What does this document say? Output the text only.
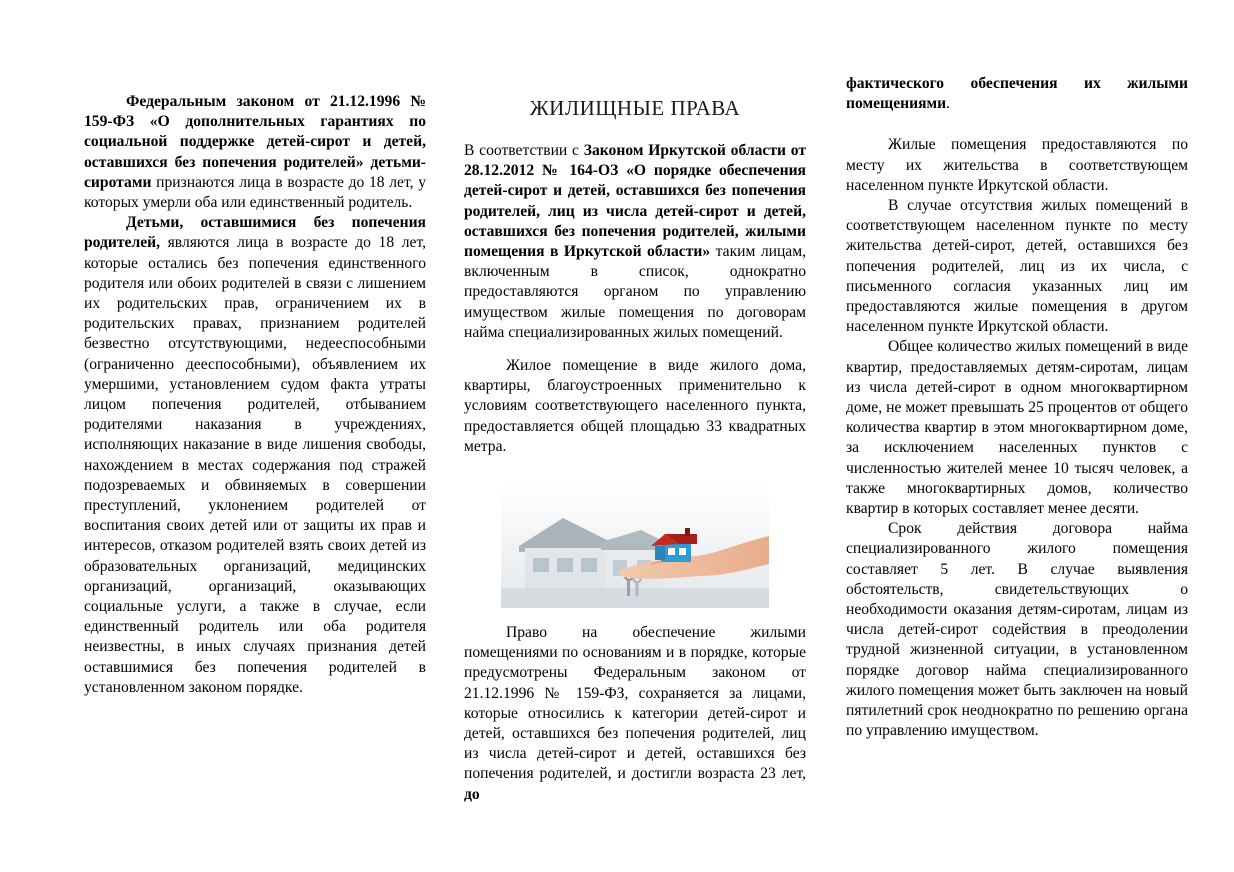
Федеральным законом от 21.12.1996 № 159-ФЗ «О дополнительных гарантиях по социальной поддержке детей-сирот и детей, оставшихся без попечения родителей» детьми-сиротами признаются лица в возрасте до 18 лет, у которых умерли оба или единственный родитель.

Детьми, оставшимися без попечения родителей, являются лица в возрасте до 18 лет, которые остались без попечения единственного родителя или обоих родителей в связи с лишением их родительских прав, ограничением их в родительских правах, признанием родителей безвестно отсутствующими, недееспособными (ограниченно дееспособными), объявлением их умершими, установлением судом факта утраты лицом попечения родителей, отбыванием родителями наказания в учреждениях, исполняющих наказание в виде лишения свободы, нахождением в местах содержания под стражей подозреваемых и обвиняемых в совершении преступлений, уклонением родителей от воспитания своих детей или от защиты их прав и интересов, отказом родителей взять своих детей из образовательных организаций, медицинских организаций, организаций, оказывающих социальные услуги, а также в случае, если единственный родитель или оба родителя неизвестны, в иных случаях признания детей оставшимися без попечения родителей в установленном законом порядке.

ЖИЛИЩНЫЕ ПРАВА

В соответствии с Законом Иркутской области от 28.12.2012 № 164-ОЗ «О порядке обеспечения детей-сирот и детей, оставшихся без попечения родителей, лиц из числа детей-сирот и детей, оставшихся без попечения родителей, жилыми помещения в Иркутской области» таким лицам, включенным в список, однократно предоставляются органом по управлению имуществом жилые помещения по договорам найма специализированных жилых помещений.

Жилое помещение в виде жилого дома, квартиры, благоустроенных применительно к условиям соответствующего населенного пункта, предоставляется общей площадью 33 квадратных метра.

Право на обеспечение жилыми помещениями по основаниям и в порядке, которые предусмотрены Федеральным законом от 21.12.1996 № 159-ФЗ, сохраняется за лицами, которые относились к категории детей-сирот и детей, оставшихся без попечения родителей, лиц из числа детей-сирот и детей, оставшихся без попечения родителей, и достигли возраста 23 лет, до

фактического обеспечения их жилыми помещениями.

Жилые помещения предоставляются по месту их жительства в соответствующем населенном пункте Иркутской области.

В случае отсутствия жилых помещений в соответствующем населенном пункте по месту жительства детей-сирот, детей, оставшихся без попечения родителей, лиц из их числа, с письменного согласия указанных лиц им предоставляются жилые помещения в другом населенном пункте Иркутской области.

Общее количество жилых помещений в виде квартир, предоставляемых детям-сиротам, лицам из числа детей-сирот в одном многоквартирном доме, не может превышать 25 процентов от общего количества квартир в этом многоквартирном доме, за исключением населенных пунктов с численностью жителей менее 10 тысяч человек, а также многоквартирных домов, количество квартир в которых составляет менее десяти.

Срок действия договора найма специализированного жилого помещения составляет 5 лет. В случае выявления обстоятельств, свидетельствующих о необходимости оказания детям-сиротам, лицам из числа детей-сирот содействия в преодолении трудной жизненной ситуации, в установленном порядке договор найма специализированного жилого помещения может быть заключен на новый пятилетний срок неоднократно по решению органа по управлению имуществом.
